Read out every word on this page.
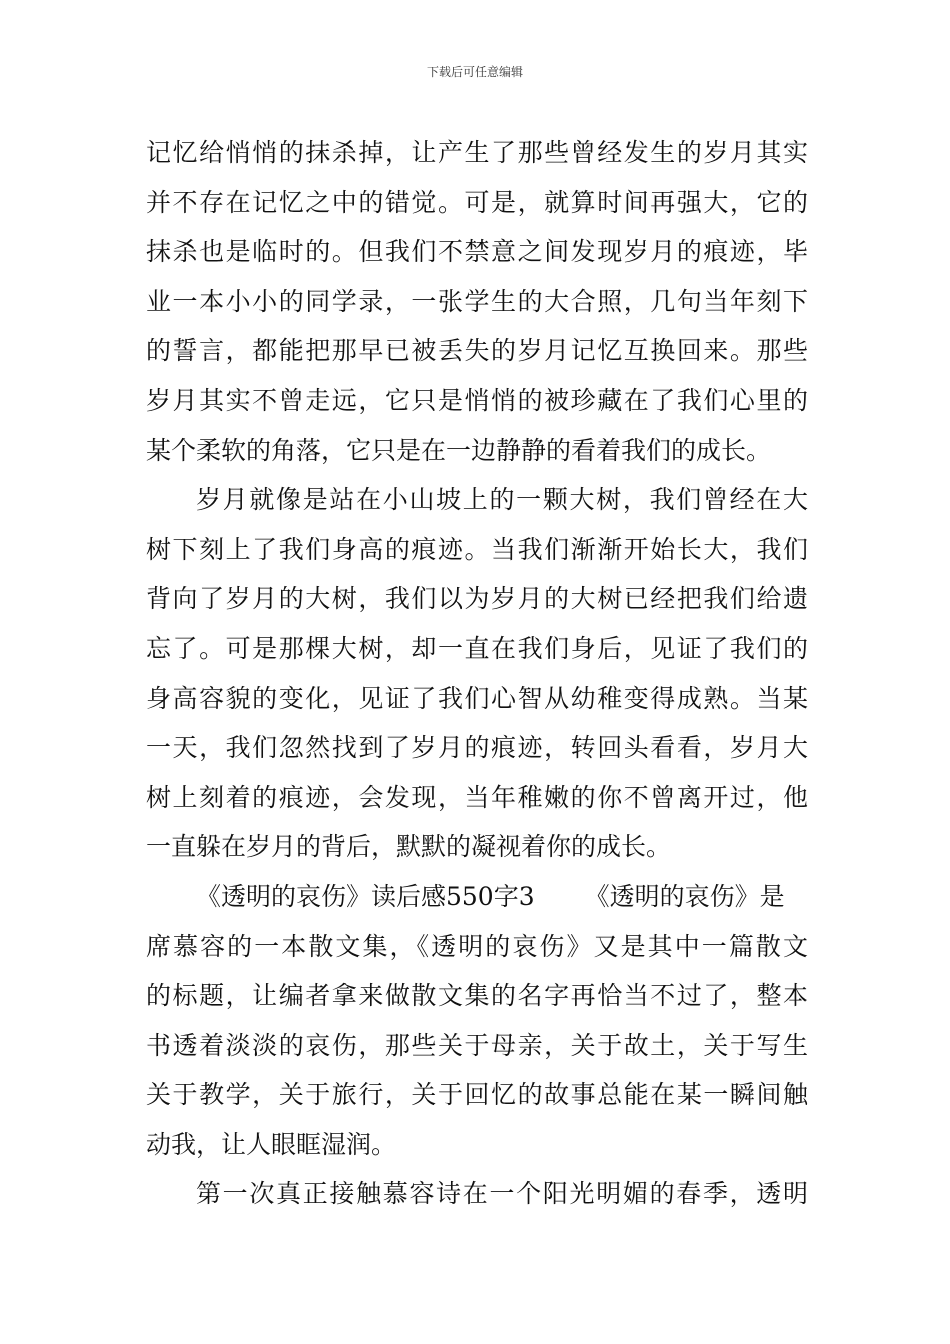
下载后可任意编辑
记忆给悄悄的抹杀掉，让产生了那些曾经发生的岁月其实
并不存在记忆之中的错觉。可是，就算时间再强大，它的
抹杀也是临时的。但我们不禁意之间发现岁月的痕迹，毕
业一本小小的同学录，一张学生的大合照，几句当年刻下
的誓言，都能把那早已被丢失的岁月记忆互换回来。那些
岁月其实不曾走远，它只是悄悄的被珍藏在了我们心里的
某个柔软的角落，它只是在一边静静的看着我们的成长。
岁月就像是站在小山坡上的一颗大树，我们曾经在大
树下刻上了我们身高的痕迹。当我们渐渐开始长大，我们
背向了岁月的大树，我们以为岁月的大树已经把我们给遗
忘了。可是那棵大树，却一直在我们身后，见证了我们的
身高容貌的变化，见证了我们心智从幼稚变得成熟。当某
一天，我们忽然找到了岁月的痕迹，转回头看看，岁月大
树上刻着的痕迹，会发现，当年稚嫩的你不曾离开过，他
一直躲在岁月的背后，默默的凝视着你的成长。
《透明的哀伤》读后感550字3 《透明的哀伤》是
席慕容的一本散文集，《透明的哀伤》又是其中一篇散文
的标题，让编者拿来做散文集的名字再恰当不过了，整本
书透着淡淡的哀伤，那些关于母亲，关于故土，关于写生
关于教学，关于旅行，关于回忆的故事总能在某一瞬间触
动我，让人眼眶湿润。
第一次真正接触慕容诗在一个阳光明媚的春季，透明
